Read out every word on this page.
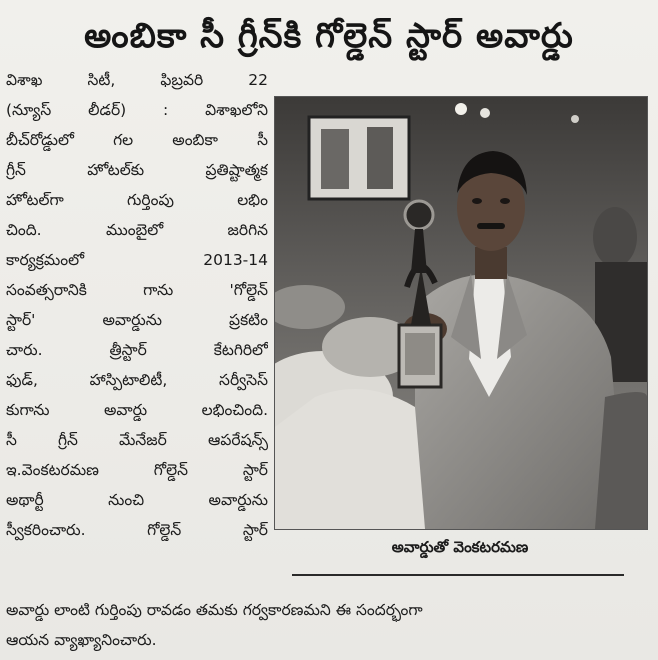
అంబికా సీ గ్రీన్‌కి గోల్డెన్ స్టార్ అవార్డు
విశాఖ సిటీ, ఫిబ్రవరి 22
(న్యూస్ లీడర్) : విశాఖలోని
బీచ్‌రోడ్డులో గల అంబికా సీ
గ్రీన్ హోటల్‌కు ప్రతిష్టాత్మక
హోటల్‌గా గుర్తింపు లభిం
చింది. ముంబైలో జరిగిన
కార్యక్రమంలో 2013-14
సంవత్సరానికి గాను 'గోల్డెన్
స్టార్' అవార్డును ప్రకటిం
చారు. త్రీస్టార్ కేటగిరిలో
ఫుడ్, హాస్పిటాలిటీ, సర్వీసెస్
కుగాను అవార్డు లభించింది.
సీ గ్రీన్ మేనేజర్ ఆపరేషన్స్
ఇ.వెంకటరమణ గోల్డెన్ స్టార్
అథార్టీ నుంచి అవార్డును
స్వీకరించారు. గోల్డెన్ స్టార్
అవార్డుతో వెంకటరమణ
అవార్డు లాంటి గుర్తింపు రావడం తమకు గర్వకారణమని ఈ సందర్భంగా
ఆయన వ్యాఖ్యానించారు.
